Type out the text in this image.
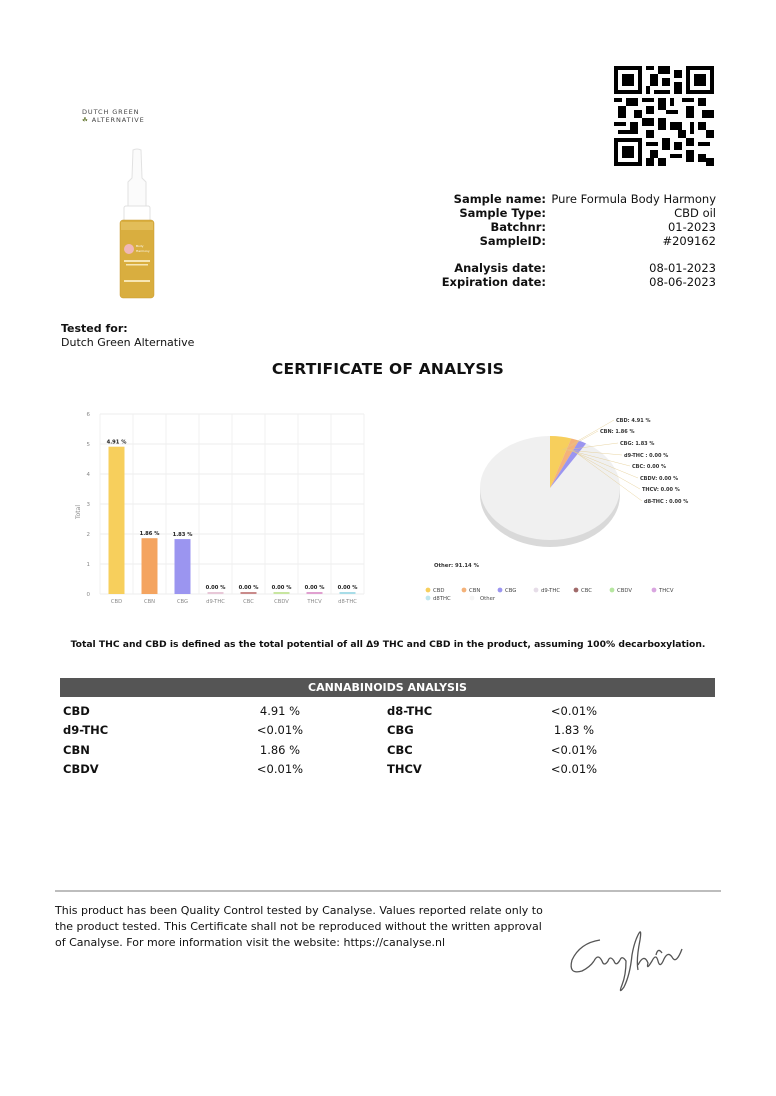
DUTCH GREEN
☘ ALTERNATIVE
Body
Harmony
Sample name: Pure Formula Body Harmony
Sample Type:	CBD oil
Batchnr:	01-2023
SampleID:	#209162
Analysis date:	08-01-2023
Expiration date:	08-06-2023
Tested for:
Dutch Green Alternative
CERTIFICATE OF ANALYSIS
0
1
2
3
4
5
6
4.91 %
CBD
1.86 %
CBN
1.83 %
CBG
0.00 %
d9-THC
0.00 %
CBC
0.00 %
CBDV
0.00 %
THCV
0.00 %
d8-THC
Total
CBD: 4.91 %
CBN: 1.86 %
CBG: 1.83 %
d9-THC : 0.00 %
CBC: 0.00 %
CBDV: 0.00 %
THCV: 0.00 %
d8-THC : 0.00 %
Other: 91.14 %
CBD	CBN	CBG	d9-THC	CBC	CBDV	THCV
d8THC	Other
Total THC and CBD is defined as the total potential of all Δ9 THC and CBD in the product, assuming 100% decarboxylation.
CANNABINOIDS ANALYSIS
CBD	4.91 %	d8-THC	<0.01%
d9-THC	<0.01%	CBG	1.83 %
CBN	1.86 %	CBC	<0.01%
CBDV	<0.01%	THCV	<0.01%
This product has been Quality Control tested by Canalyse. Values reported relate only to the product tested. This Certificate shall not be reproduced without the written approval of Canalyse. For more information visit the website: https://canalyse.nl
